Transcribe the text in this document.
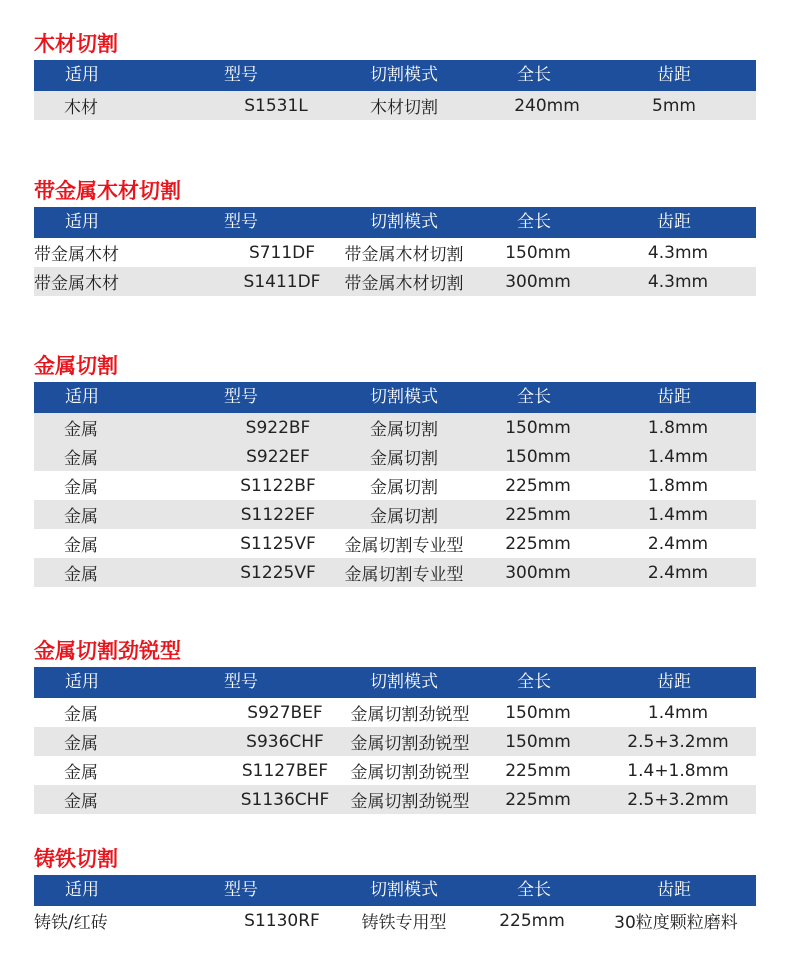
木材切割
适用	型号	切割模式	全长	齿距
木材	S1531L	木材切割	240mm	5mm
带金属木材切割
适用	型号	切割模式	全长	齿距
带金属木材	S711DF 带金属木材切割 150mm	4.3mm
带金属木材	S1411DF 带金属木材切割 300mm	4.3mm
金属切割
适用	型号	切割模式	全长	齿距
金属	S922BF	金属切割	150mm	1.8mm
金属	S922EF	金属切割	150mm	1.4mm
金属	S1122BF	金属切割	225mm	1.8mm
金属	S1122EF	金属切割	225mm	1.4mm
金属	S1125VF 金属切割专业型 225mm	2.4mm
金属	S1225VF 金属切割专业型 300mm	2.4mm
金属切割劲锐型
适用	型号	切割模式	全长	齿距
金属	S927BEF 金属切割劲锐型 150mm	1.4mm
金属	S936CHF 金属切割劲锐型 150mm	2.5+3.2mm
金属	S1127BEF 金属切割劲锐型 225mm	1.4+1.8mm
金属	S1136CHF 金属切割劲锐型 225mm	2.5+3.2mm
铸铁切割
适用	型号	切割模式	全长	齿距
铸铁/红砖	S1130RF 铸铁专用型	225mm	30粒度颗粒磨料
